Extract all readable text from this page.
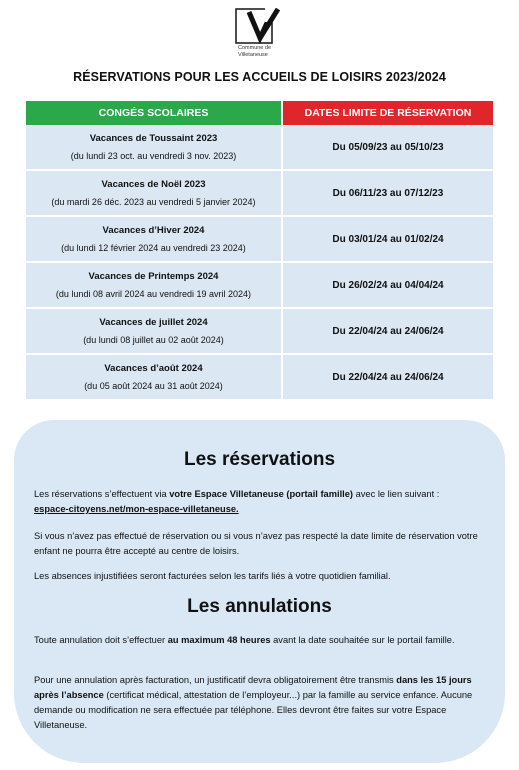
Commune de
Villetaneuse
RÉSERVATIONS POUR LES ACCUEILS DE LOISIRS 2023/2024
CONGÉS SCOLAIRES	DATES LIMITE DE RÉSERVATION

Vacances de Toussaint 2023
(du lundi 23 oct. au vendredi 3 nov. 2023)	Du 05/09/23 au 05/10/23

Vacances de Noël 2023
(du mardi 26 déc. 2023 au vendredi 5 janvier 2024)	Du 06/11/23 au 07/12/23

Vacances d’Hiver 2024
(du lundi 12 février 2024 au vendredi 23 2024)	Du 03/01/24 au 01/02/24

Vacances de Printemps 2024
(du lundi 08 avril 2024 au vendredi 19 avril 2024)	Du 26/02/24 au 04/04/24

Vacances de juillet 2024
(du lundi 08 juillet au 02 août 2024)	Du 22/04/24 au 24/06/24

Vacances d’août 2024
(du 05 août 2024 au 31 août 2024)	Du 22/04/24 au 24/06/24
Les réservations
Les réservations s’effectuent via votre Espace Villetaneuse (portail famille) avec le lien suivant :
espace-citoyens.net/mon-espace-villetaneuse.
Si vous n’avez pas effectué de réservation ou si vous n’avez pas respecté la date limite de réservation votre enfant ne pourra être accepté au centre de loisirs.
Les absences injustifiées seront facturées selon les tarifs liés à votre quotidien familial.
Les annulations
Toute annulation doit s’effectuer au maximum 48 heures avant la date souhaitée sur le portail famille.
Pour une annulation après facturation, un justificatif devra obligatoirement être transmis dans les 15 jours après l’absence (certificat médical, attestation de l’employeur...) par la famille au service enfance. Aucune demande ou modification ne sera effectuée par téléphone. Elles devront être faites sur votre Espace Villetaneuse.
